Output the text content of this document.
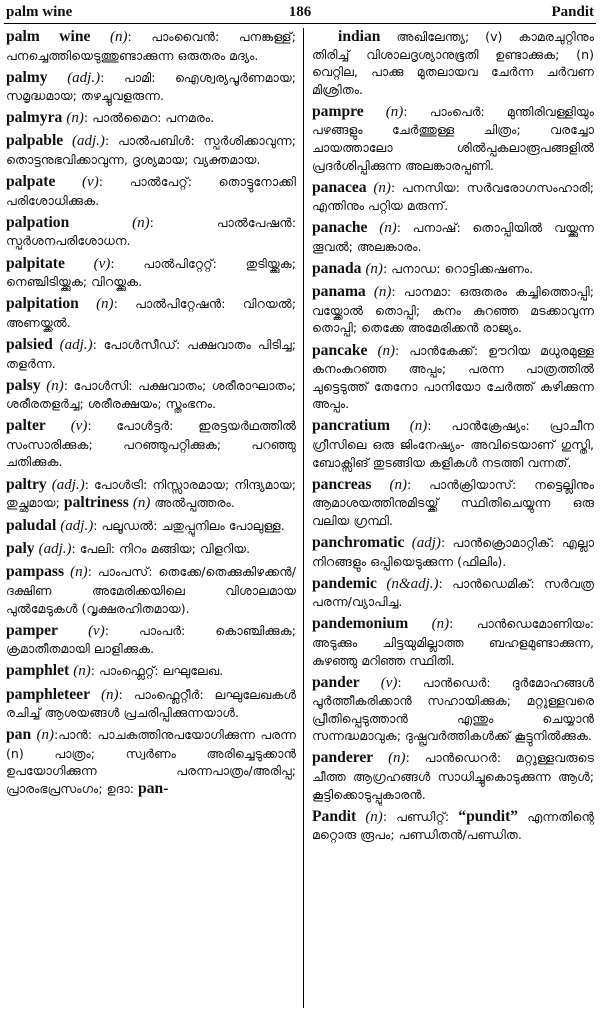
palm wine	186	Pandit

palm wine (n): പാംവൈൻ: പനങ്കള്ള്; പനച്ചെത്തിയെടുത്തുണ്ടാക്കുന്ന ഒരുതരം മദ്യം.

palmy (adj.): പാമി: ഐശ്വര്യപൂർണമായ; സമൃദ്ധമായ; തഴച്ചുവളരുന്ന.

palmyra (n): പാൽമൈറ: പനമരം.

palpable (adj.): പാൽപബിൾ: സ്പർശിക്കാവുന്ന; തൊട്ടനുഭവിക്കാവുന്ന, ദൃശ്യമായ; വ്യക്തമായ.

palpate (v): പാൽപേറ്റ്: തൊട്ടുനോക്കി പരിശോധിക്കുക.

palpation	(n): പാൽപേഷൻ: സ്പർശനപരിശോധന.

palpitate (v): പാൽപിറ്റേറ്റ്: തുടിയ്ക്കുക; നെഞ്ചിടിയ്ക്കുക; വിറയ്ക്കുക.

palpitation (n): പാൽപിറ്റേഷൻ: വിറയൽ; അണയ്ക്കൽ.

palsied (adj.): പോൾസീഡ്: പക്ഷവാതം പിടിച്ച; തളർന്ന.

palsy (n): പോൾസി: പക്ഷവാതം; ശരീരാഘാതം; ശരീരതളർച്ച; ശരീരക്ഷയം; സ്തംഭനം.

palter (v): പോൾട്ടർ: ഇരട്ടയർഥത്തിൽ സംസാരിക്കുക; പറഞ്ഞുപറ്റിക്കുക; പറഞ്ഞു ചതിക്കുക.

paltry (adj.): പോൾട്രി: നിസ്സാരമായ; നിന്ദ്യമായ; തുച്ഛമായ; paltriness (n) അൽപ്പത്തരം.

paludal (adj.): പലൂഡൽ: ചതുപ്പുനിലം പോലുള്ള.

paly (adj.): പേലി: നിറം മങ്ങിയ; വിളറിയ.

pampass (n): പാംപസ്: തെക്കേ/തെക്കുകിഴക്കൻ/ദക്ഷിണ അമേരിക്കയിലെ വിശാലമായ പുൽമേടുകൾ (വൃക്ഷരഹിതമായ).

pamper (v): പാംപർ: കൊഞ്ചിക്കുക; ക്രമാതീതമായി ലാളിക്കുക.

pamphlet (n): പാംഫ്ലെറ്റ്: ലഘുലേഖ.

pamphleteer (n): പാംഫ്ലെറ്റീർ: ലഘുലേഖകൾ രചിച്ച് ആശയങ്ങൾ പ്രചരിപ്പിക്കുന്നയാൾ.

pan (n):പാൻ: പാചകത്തിനുപയോഗിക്കുന്ന പരന്ന (n) പാത്രം; സ്വർണം അരിച്ചെടുക്കാൻ ഉപയോഗിക്കുന്ന പരന്നപാത്രം/അരിപ്പ; പ്രാരംഭപ്രസംഗം; ഉദാ: pan-

indian അഖിലേന്ത്യ; (v) കാമരചുറ്റിനും തിരിച്ച് വിശാലദൃശ്യാനുഭൂതി ഉണ്ടാക്കുക; (n) വെറ്റില, പാക്കു മുതലായവ ചേർന്ന ചർവണ മിശ്രിതം.

pampre (n): പാംപെർ: മുന്തിരിവള്ളിയും പഴങ്ങളും ചേർത്തുള്ള ചിത്രം; വരച്ചോ ചായത്താലോ ശിൽപ്പകലാരൂപങ്ങളിൽ പ്രദർശിപ്പിക്കുന്ന അലങ്കാരപ്പണി.

panacea (n): പനസിയ: സർവരോഗസംഹാരി; എന്തിനും പറ്റിയ മരുന്ന്.

panache (n): പനാഷ്: തൊപ്പിയിൽ വയ്ക്കുന്ന തൂവൽ; അലങ്കാരം.

panada (n): പനാഡ: റൊട്ടിക്കഷണം.

panama (n): പാനമാ: ഒരുതരം കച്ചിത്തൊപ്പി; വയ്ക്കോൽ തൊപ്പി; കനം കുറഞ്ഞ മടക്കാവുന്ന തൊപ്പി; തെക്കേ അമേരിക്കൻ രാജ്യം.

pancake (n): പാൻകേക്ക്: ഊറിയ മധുരമുള്ള കനംകുറഞ്ഞ അപ്പം; പരന്ന പാത്രത്തിൽ ചുട്ടെടുത്ത് തേനോ പാനിയോ ചേർത്ത് കഴിക്കുന്ന അപ്പം.

pancratium (n): പാൻക്രേഷ്യം: പ്രാചീന ഗ്രീസിലെ ഒരു ജിംനേഷ്യം- അവിടെയാണ് ഗുസ്തി, ബോക്സിങ് തുടങ്ങിയ കളികൾ നടത്തി വന്നത്.

pancreas (n): പാൻക്രിയാസ്: നട്ടെല്ലിനും ആമാശയത്തിനുമിടയ്ക്ക് സ്ഥിതിചെയ്യുന്ന ഒരു വലിയ ഗ്രന്ഥി.

panchromatic (adj): പാൻക്രൊമാറ്റിക്: എല്ലാ നിറങ്ങളും ഒപ്പിയെടുക്കുന്ന (ഫിലിം).

pandemic (n&adj.): പാൻഡെമിക്: സർവത്ര പരന്ന/വ്യാപിച്ച.

pandemonium (n): പാൻഡെമോണിയം: അടുക്കും ചിട്ടയുമില്ലാത്ത ബഹളമുണ്ടാക്കുന്ന, കുഴഞ്ഞു മറിഞ്ഞ സ്ഥിതി.

pander (v): പാൻഡെർ: ദുർമോഹങ്ങൾ പൂർത്തീകരിക്കാൻ സഹായിക്കുക; മറ്റുള്ളവരെ പ്രീതിപ്പെടുത്താൻ എന്തും ചെയ്യാൻ സന്നദ്ധമാവുക; ദുഷ്പ്രവർത്തികൾക്ക് കൂട്ടുനിൽക്കുക.

panderer (n): പാൻഡെറർ: മറ്റുള്ളവരുടെ ചീത്ത ആഗ്രഹങ്ങൾ സാധിച്ചുകൊടുക്കുന്ന ആൾ; കൂട്ടിക്കൊടുപ്പുകാരൻ.

Pandit (n): പണ്ഡിറ്റ്: “pundit” എന്നതിന്റെ മറ്റൊരു രൂപം; പണ്ഡിതൻ/പണ്ഡിത.
